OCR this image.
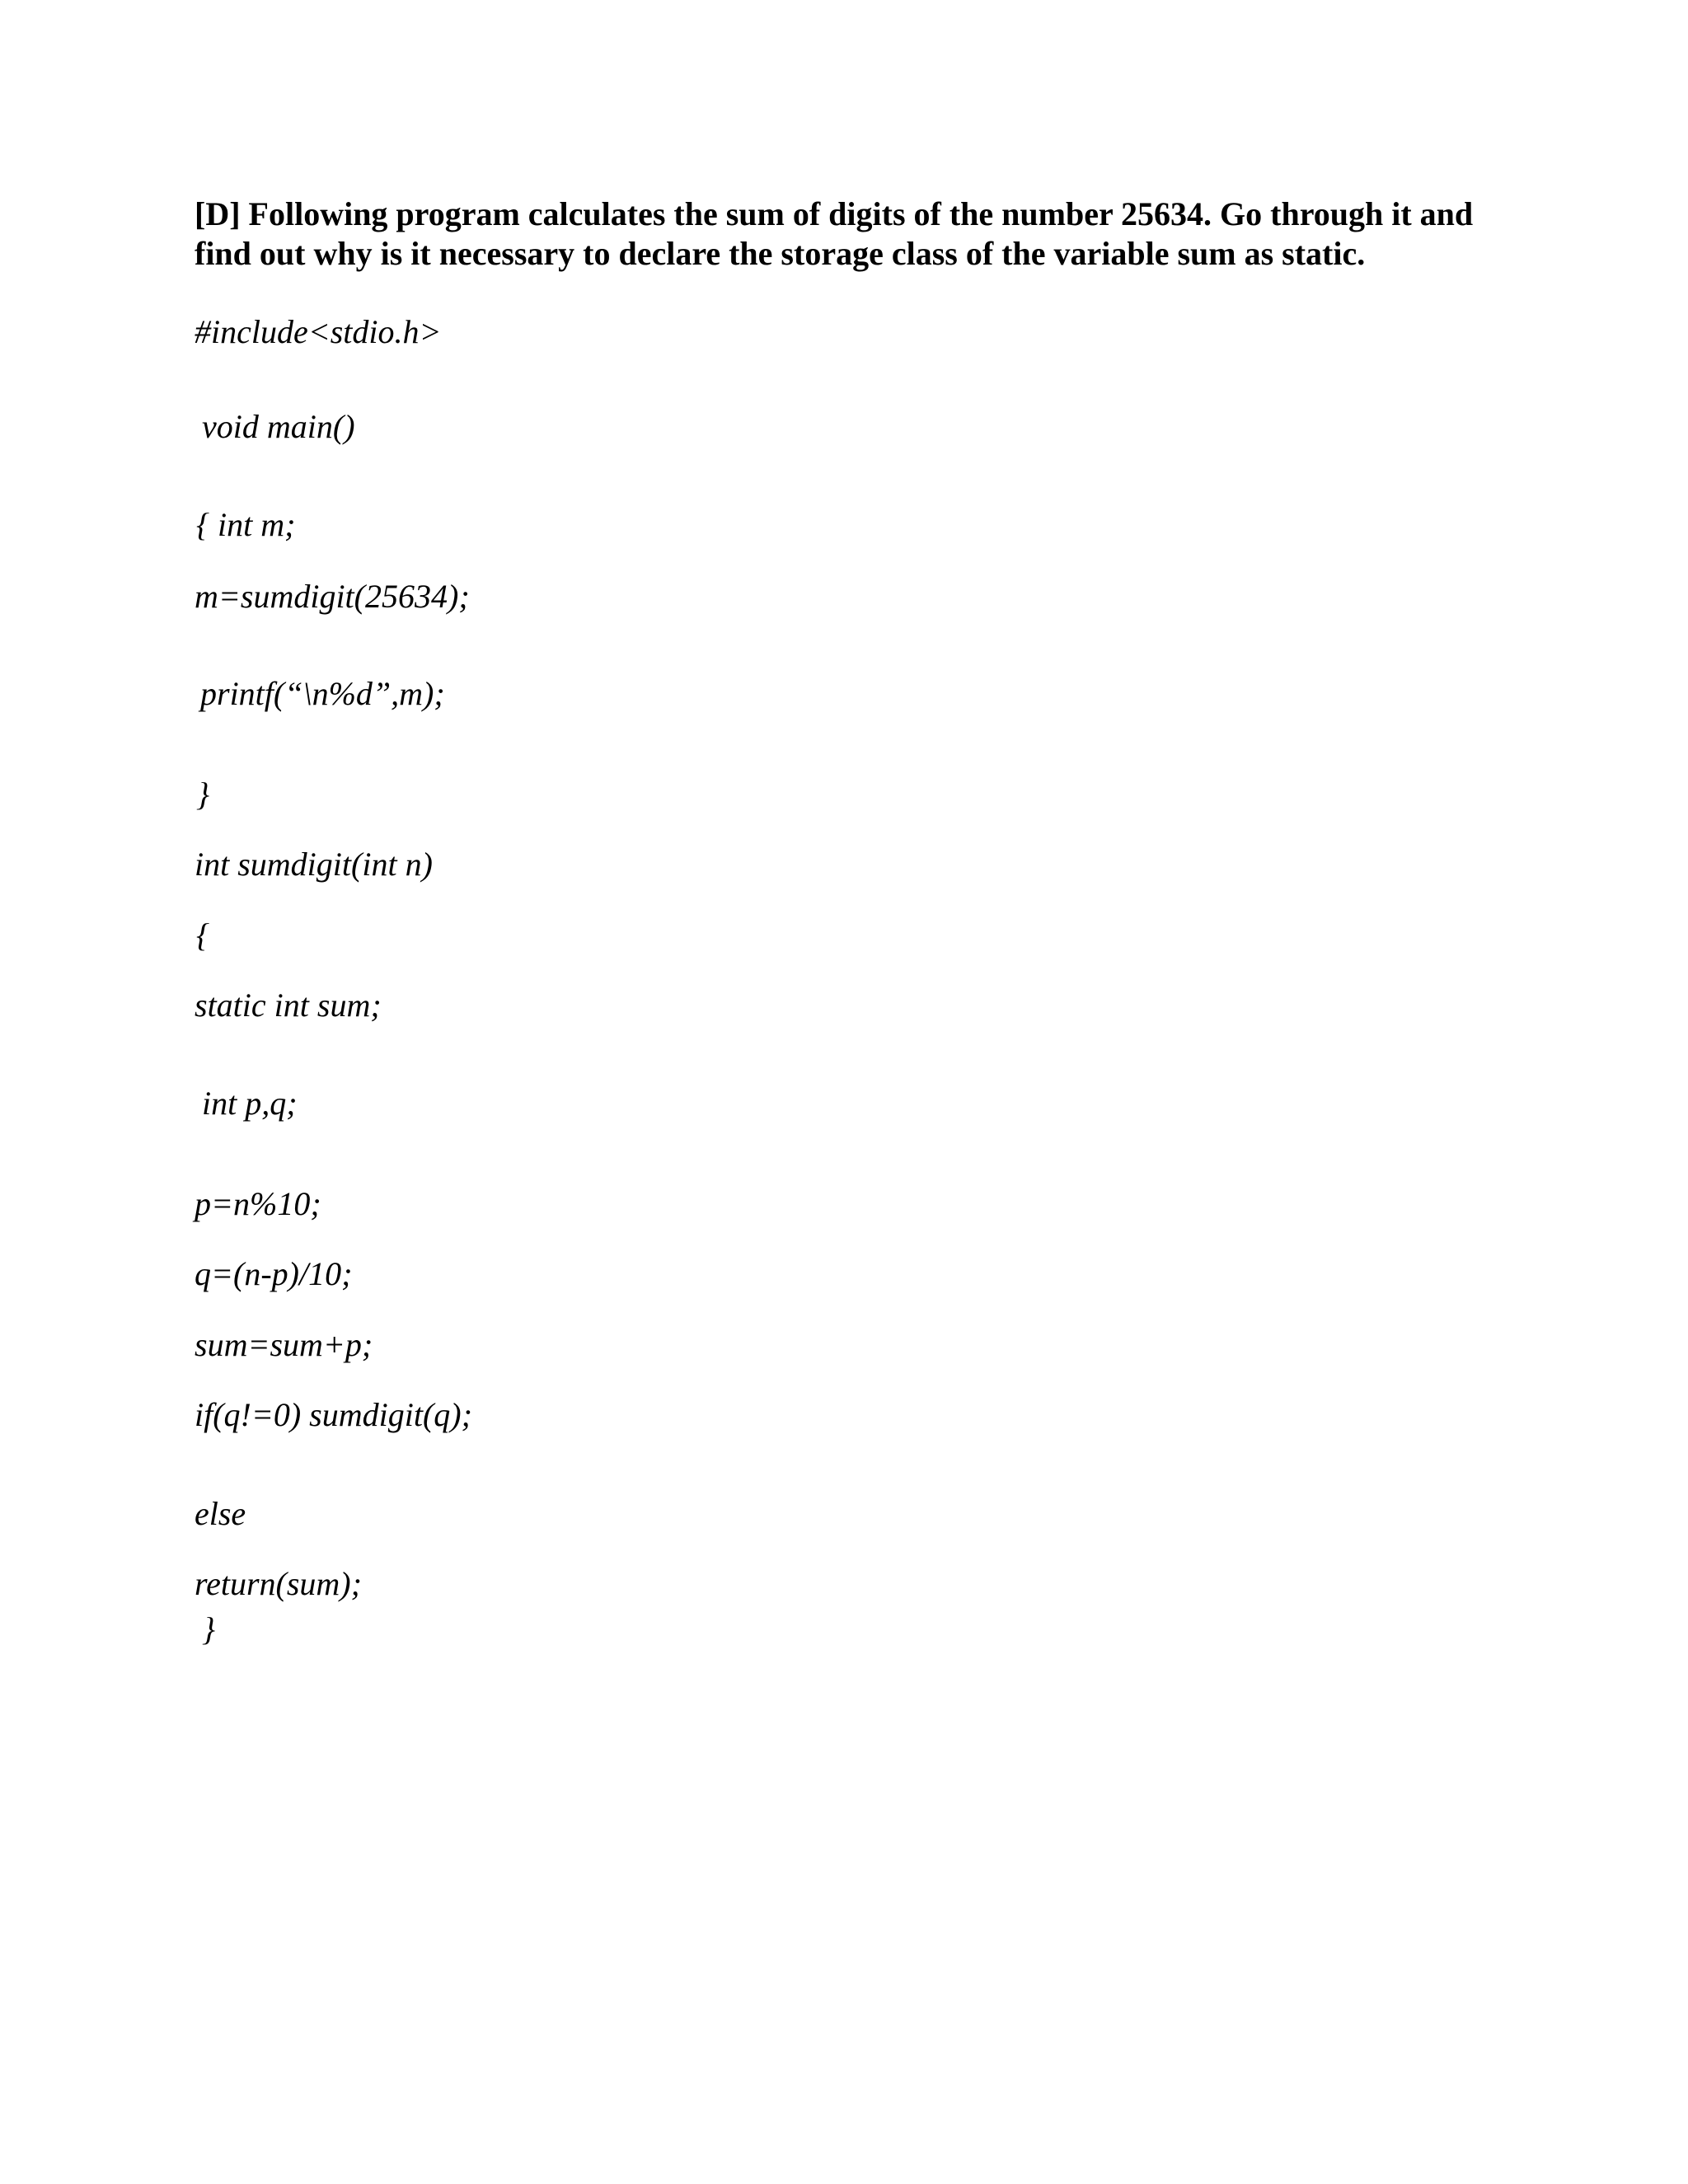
[D] Following program calculates the sum of digits of the number 25634. Go through it and find out why is it necessary to declare the storage class of the variable sum as static.

#include<stdio.h>

void main()

{ int m;

m=sumdigit(25634);

printf(“\n%d”,m);

}

int sumdigit(int n)

{

static int sum;

int p,q;

p=n%10;

q=(n-p)/10;

sum=sum+p;

if(q!=0) sumdigit(q);

else

return(sum);

}
